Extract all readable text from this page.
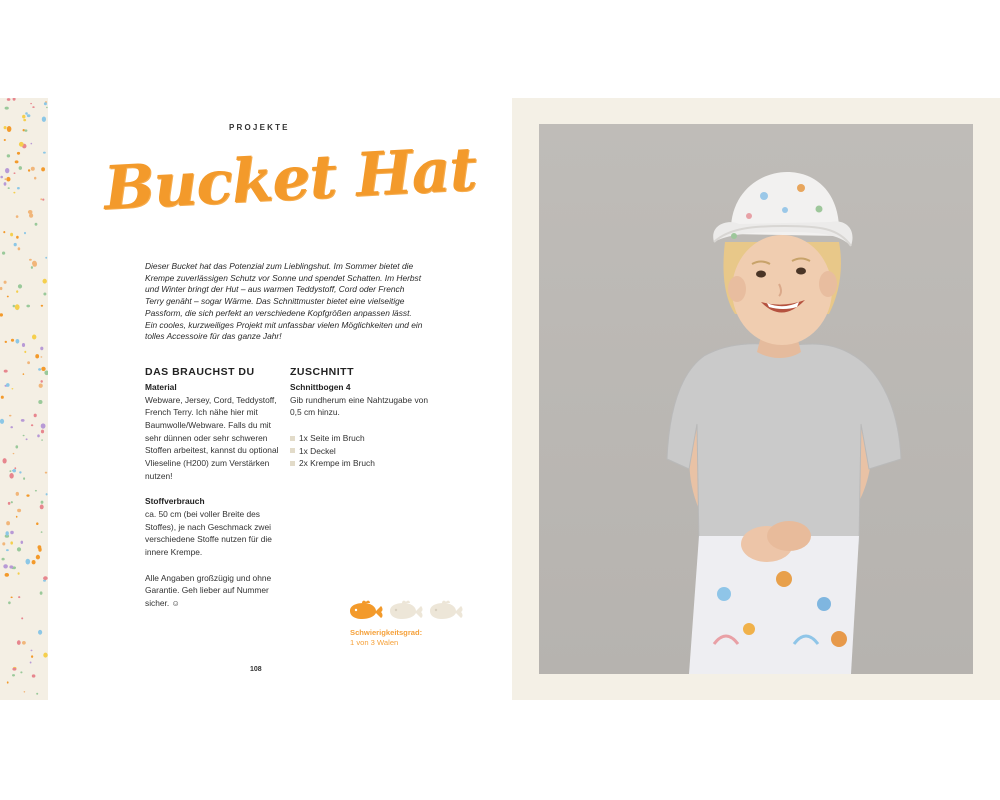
PROJEKTE
Bucket Hat

Dieser Bucket hat das Potenzial zum Lieblingshut. Im Sommer bietet die Krempe zuverlässigen Schutz vor Sonne und spendet Schatten. Im Herbst und Winter bringt der Hut – aus warmen Teddystoff, Cord oder French Terry genäht – sogar Wärme. Das Schnittmuster bietet eine vielseitige Passform, die sich perfekt an verschiedene Kopfgrößen anpassen lässt. Ein cooles, kurzweiliges Projekt mit unfassbar vielen Möglichkeiten und ein tolles Accessoire für das ganze Jahr!

DAS BRAUCHST DU
Material

Webware, Jersey, Cord, Teddystoff, French Terry. Ich nähe hier mit Baumwolle/Webware. Falls du mit sehr dünnen oder sehr schweren Stoffen arbeitest, kannst du optional Vlieseline (H200) zum Verstärken nutzen!

Stoffverbrauch

ca. 50 cm (bei voller Breite des Stoffes), je nach Geschmack zwei verschiedene Stoffe nutzen für die innere Krempe.

Alle Angaben großzügig und ohne Garantie. Geh lieber auf Nummer sicher. ☺

ZUSCHNITT
Schnittbogen 4

Gib rundherum eine Nahtzugabe von 0,5 cm hinzu.

1x Seite im Bruch
1x Deckel
2x Krempe im Bruch
Schwierigkeitsgrad:
1 von 3 Walen
108
